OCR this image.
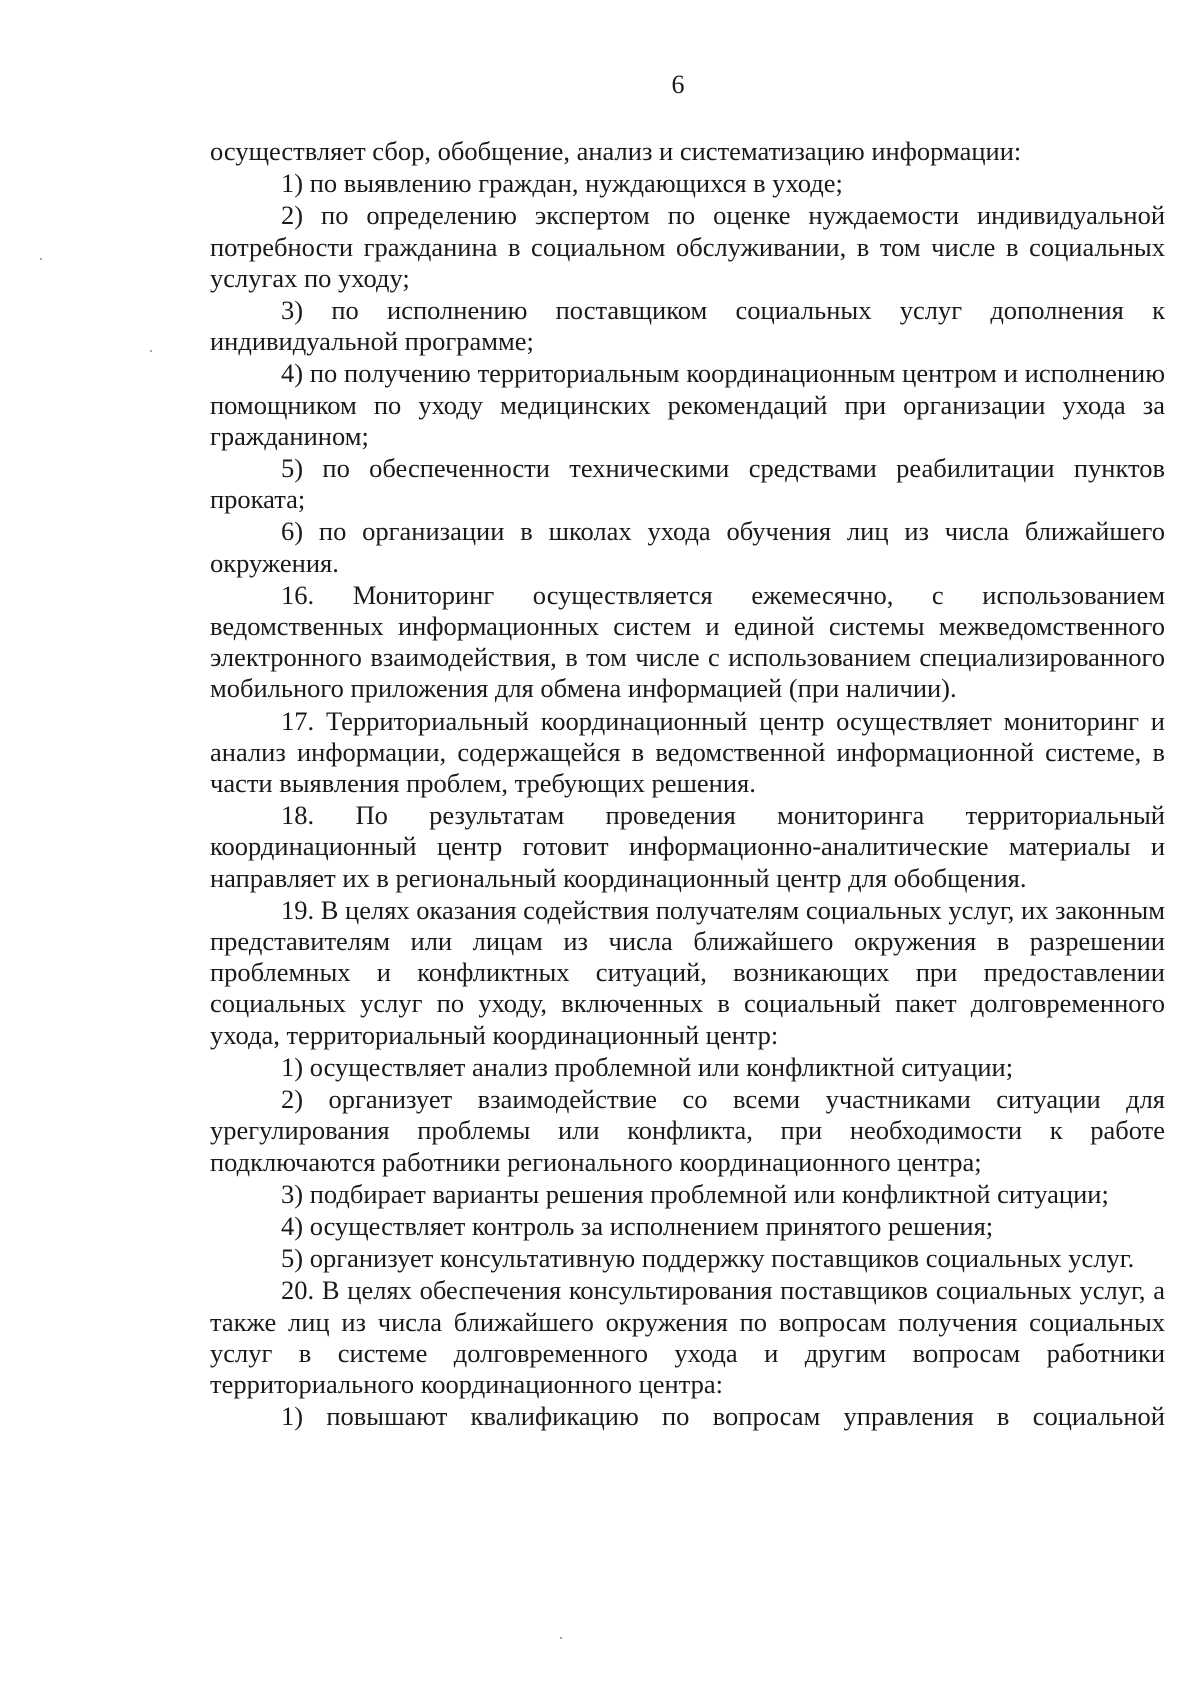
6

осуществляет сбор, обобщение, анализ и систематизацию информации:

1) по выявлению граждан, нуждающихся в уходе;

2) по определению экспертом по оценке нуждаемости индивидуальной потребности гражданина в социальном обслуживании, в том числе в социальных услугах по уходу;

3) по исполнению поставщиком социальных услуг дополнения к индивидуальной программе;

4) по получению территориальным координационным центром и исполнению помощником по уходу медицинских рекомендаций при организации ухода за гражданином;

5) по обеспеченности техническими средствами реабилитации пунктов проката;

6) по организации в школах ухода обучения лиц из числа ближайшего окружения.

16. Мониторинг осуществляется ежемесячно, с использованием ведомственных информационных систем и единой системы межведомственного электронного взаимодействия, в том числе с использованием специализированного мобильного приложения для обмена информацией (при наличии).

17. Территориальный координационный центр осуществляет мониторинг и анализ информации, содержащейся в ведомственной информационной системе, в части выявления проблем, требующих решения.

18. По результатам проведения мониторинга территориальный координационный центр готовит информационно-аналитические материалы и направляет их в региональный координационный центр для обобщения.

19. В целях оказания содействия получателям социальных услуг, их законным представителям или лицам из числа ближайшего окружения в разрешении проблемных и конфликтных ситуаций, возникающих при предоставлении социальных услуг по уходу, включенных в социальный пакет долговременного ухода, территориальный координационный центр:

1) осуществляет анализ проблемной или конфликтной ситуации;

2) организует взаимодействие со всеми участниками ситуации для урегулирования проблемы или конфликта, при необходимости к работе подключаются работники регионального координационного центра;

3) подбирает варианты решения проблемной или конфликтной ситуации;

4) осуществляет контроль за исполнением принятого решения;

5) организует консультативную поддержку поставщиков социальных услуг.

20. В целях обеспечения консультирования поставщиков социальных услуг, а также лиц из числа ближайшего окружения по вопросам получения социальных услуг в системе долговременного ухода и другим вопросам работники территориального координационного центра:

1) повышают квалификацию по вопросам управления в социальной
